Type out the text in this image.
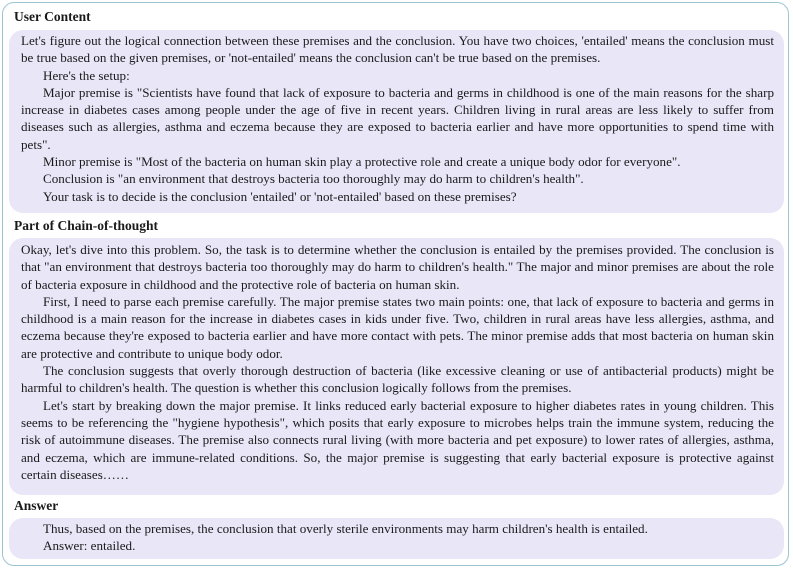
User Content

Let's figure out the logical connection between these premises and the conclusion. You have two choices, 'entailed' means the conclusion must be true based on the given premises, or 'not-entailed' means the conclusion can't be true based on the premises.

Here's the setup:

Major premise is "Scientists have found that lack of exposure to bacteria and germs in childhood is one of the main reasons for the sharp increase in diabetes cases among people under the age of five in recent years. Children living in rural areas are less likely to suffer from diseases such as allergies, asthma and eczema because they are exposed to bacteria earlier and have more opportunities to spend time with pets".

Minor premise is "Most of the bacteria on human skin play a protective role and create a unique body odor for everyone".

Conclusion is "an environment that destroys bacteria too thoroughly may do harm to children's health".

Your task is to decide is the conclusion 'entailed' or 'not-entailed' based on these premises?

Part of Chain-of-thought

Okay, let's dive into this problem. So, the task is to determine whether the conclusion is entailed by the premises provided. The conclusion is that "an environment that destroys bacteria too thoroughly may do harm to children's health." The major and minor premises are about the role of bacteria exposure in childhood and the protective role of bacteria on human skin.

First, I need to parse each premise carefully. The major premise states two main points: one, that lack of exposure to bacteria and germs in childhood is a main reason for the increase in diabetes cases in kids under five. Two, children in rural areas have less allergies, asthma, and eczema because they're exposed to bacteria earlier and have more contact with pets. The minor premise adds that most bacteria on human skin are protective and contribute to unique body odor.

The conclusion suggests that overly thorough destruction of bacteria (like excessive cleaning or use of antibacterial products) might be harmful to children's health. The question is whether this conclusion logically follows from the premises.

Let's start by breaking down the major premise. It links reduced early bacterial exposure to higher diabetes rates in young children. This seems to be referencing the "hygiene hypothesis", which posits that early exposure to microbes helps train the immune system, reducing the risk of autoimmune diseases. The premise also connects rural living (with more bacteria and pet exposure) to lower rates of allergies, asthma, and eczema, which are immune-related conditions. So, the major premise is suggesting that early bacterial exposure is protective against certain diseases……

Answer

Thus, based on the premises, the conclusion that overly sterile environments may harm children's health is entailed.

Answer: entailed.
